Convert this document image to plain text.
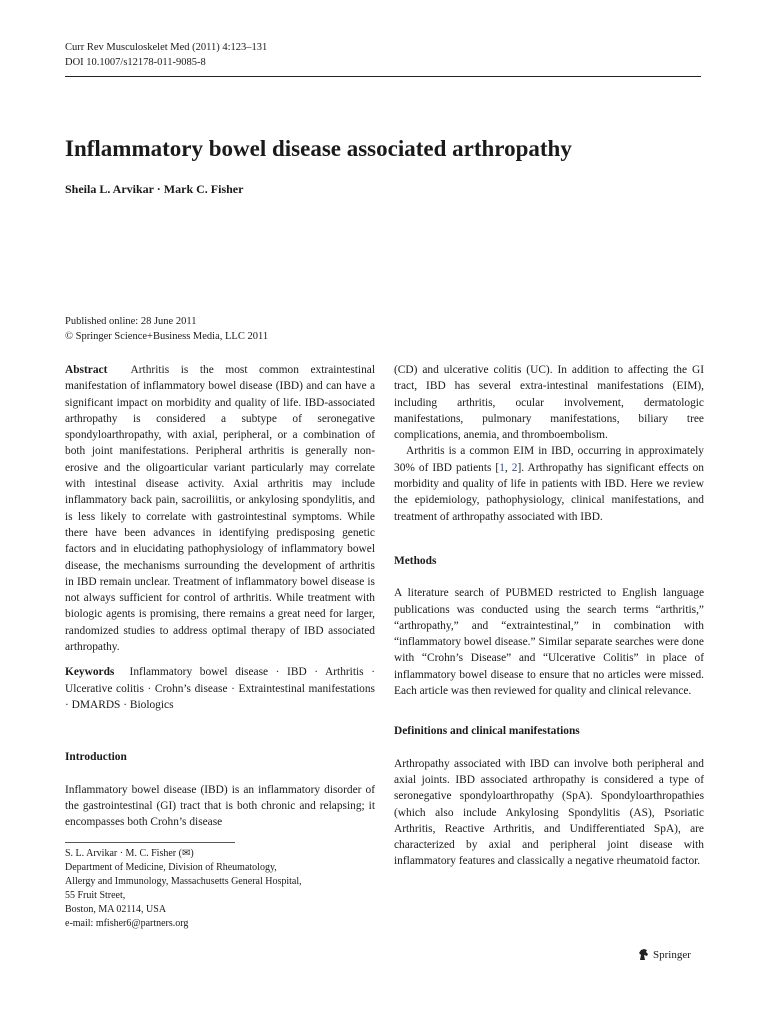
Curr Rev Musculoskelet Med (2011) 4:123–131
DOI 10.1007/s12178-011-9085-8
Inflammatory bowel disease associated arthropathy
Sheila L. Arvikar · Mark C. Fisher
Published online: 28 June 2011
© Springer Science+Business Media, LLC 2011

Abstract Arthritis is the most common extraintestinal manifestation of inflammatory bowel disease (IBD) and can have a significant impact on morbidity and quality of life. IBD-associated arthropathy is considered a subtype of seronegative spondyloarthropathy, with axial, peripheral, or a combination of both joint manifestations. Peripheral arthritis is generally non-erosive and the oligoarticular variant particularly may correlate with intestinal disease activity. Axial arthritis may include inflammatory back pain, sacroiliitis, or ankylosing spondylitis, and is less likely to correlate with gastrointestinal symptoms. While there have been advances in identifying predisposing genetic factors and in elucidating pathophysiology of inflammatory bowel disease, the mechanisms surrounding the development of arthritis in IBD remain unclear. Treatment of inflammatory bowel disease is not always sufficient for control of arthritis. While treatment with biologic agents is promising, there remains a great need for larger, randomized studies to address optimal therapy of IBD associated arthropathy.

Keywords Inflammatory bowel disease · IBD · Arthritis · Ulcerative colitis · Crohn’s disease · Extraintestinal manifestations · DMARDS · Biologics

Introduction

Inflammatory bowel disease (IBD) is an inflammatory disorder of the gastrointestinal (GI) tract that is both chronic and relapsing; it encompasses both Crohn’s disease

S. L. Arvikar · M. C. Fisher (✉)
Department of Medicine, Division of Rheumatology,
Allergy and Immunology, Massachusetts General Hospital,
55 Fruit Street,
Boston, MA 02114, USA
e-mail: mfisher6@partners.org

(CD) and ulcerative colitis (UC). In addition to affecting the GI tract, IBD has several extra-intestinal manifestations (EIM), including arthritis, ocular involvement, dermatologic manifestations, pulmonary manifestations, biliary tree complications, anemia, and thromboembolism.

Arthritis is a common EIM in IBD, occurring in approximately 30% of IBD patients [1, 2]. Arthropathy has significant effects on morbidity and quality of life in patients with IBD. Here we review the epidemiology, pathophysiology, clinical manifestations, and treatment of arthropathy associated with IBD.

Methods

A literature search of PUBMED restricted to English language publications was conducted using the search terms “arthritis,” “arthropathy,” and “extraintestinal,” in combination with “inflammatory bowel disease.” Similar separate searches were done with “Crohn’s Disease” and “Ulcerative Colitis” in place of inflammatory bowel disease to ensure that no articles were missed. Each article was then reviewed for quality and clinical relevance.

Definitions and clinical manifestations

Arthropathy associated with IBD can involve both peripheral and axial joints. IBD associated arthropathy is considered a type of seronegative spondyloarthropathy (SpA). Spondyloarthropathies (which also include Ankylosing Spondylitis (AS), Psoriatic Arthritis, Reactive Arthritis, and Undifferentiated SpA), are characterized by axial and peripheral joint disease with inflammatory features and classically a negative rheumatoid factor.

Springer
